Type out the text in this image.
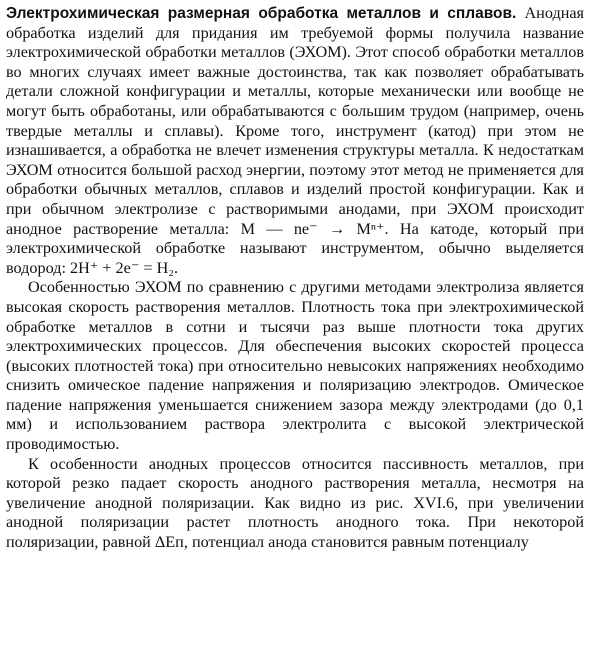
Электрохимическая размерная обработка металлов и сплавов. Анодная обработка изделий для придания им требуемой формы получила название электрохимической обработки металлов (ЭХОМ). Этот способ обработки металлов во многих случаях имеет важные достоинства, так как позволяет обрабатывать детали сложной конфигурации и металлы, которые механически или вообще не могут быть обработаны, или обрабатываются с большим трудом (например, очень твердые металлы и сплавы). Кроме того, инструмент (катод) при этом не изнашивается, а обработка не влечет изменения структуры металла. К недостаткам ЭХОМ относится большой расход энергии, поэтому этот метод не применяется для обработки обычных металлов, сплавов и изделий простой конфигурации. Как и при обычном электролизе с растворимыми анодами, при ЭХОМ происходит анодное растворение металла: M — ne⁻ → Mⁿ⁺. На катоде, который при электрохимической обработке называют инструментом, обычно выделяется водород: 2H⁺ + 2e⁻ = H₂.

Особенностью ЭХОМ по сравнению с другими методами электролиза является высокая скорость растворения металлов. Плотность тока при электрохимической обработке металлов в сотни и тысячи раз выше плотности тока других электрохимических процессов. Для обеспечения высоких скоростей процесса (высоких плотностей тока) при относительно невысоких напряжениях необходимо снизить омическое падение напряжения и поляризацию электродов. Омическое падение напряжения уменьшается снижением зазора между электродами (до 0,1 мм) и использованием раствора электролита с высокой электрической проводимостью.

К особенности анодных процессов относится пассивность металлов, при которой резко падает скорость анодного растворения металла, несмотря на увеличение анодной поляризации. Как видно из рис. XVI.6, при увеличении анодной поляризации растет плотность анодного тока. При некоторой поляризации, равной ΔEп, потенциал анода становится равным потенциалу
